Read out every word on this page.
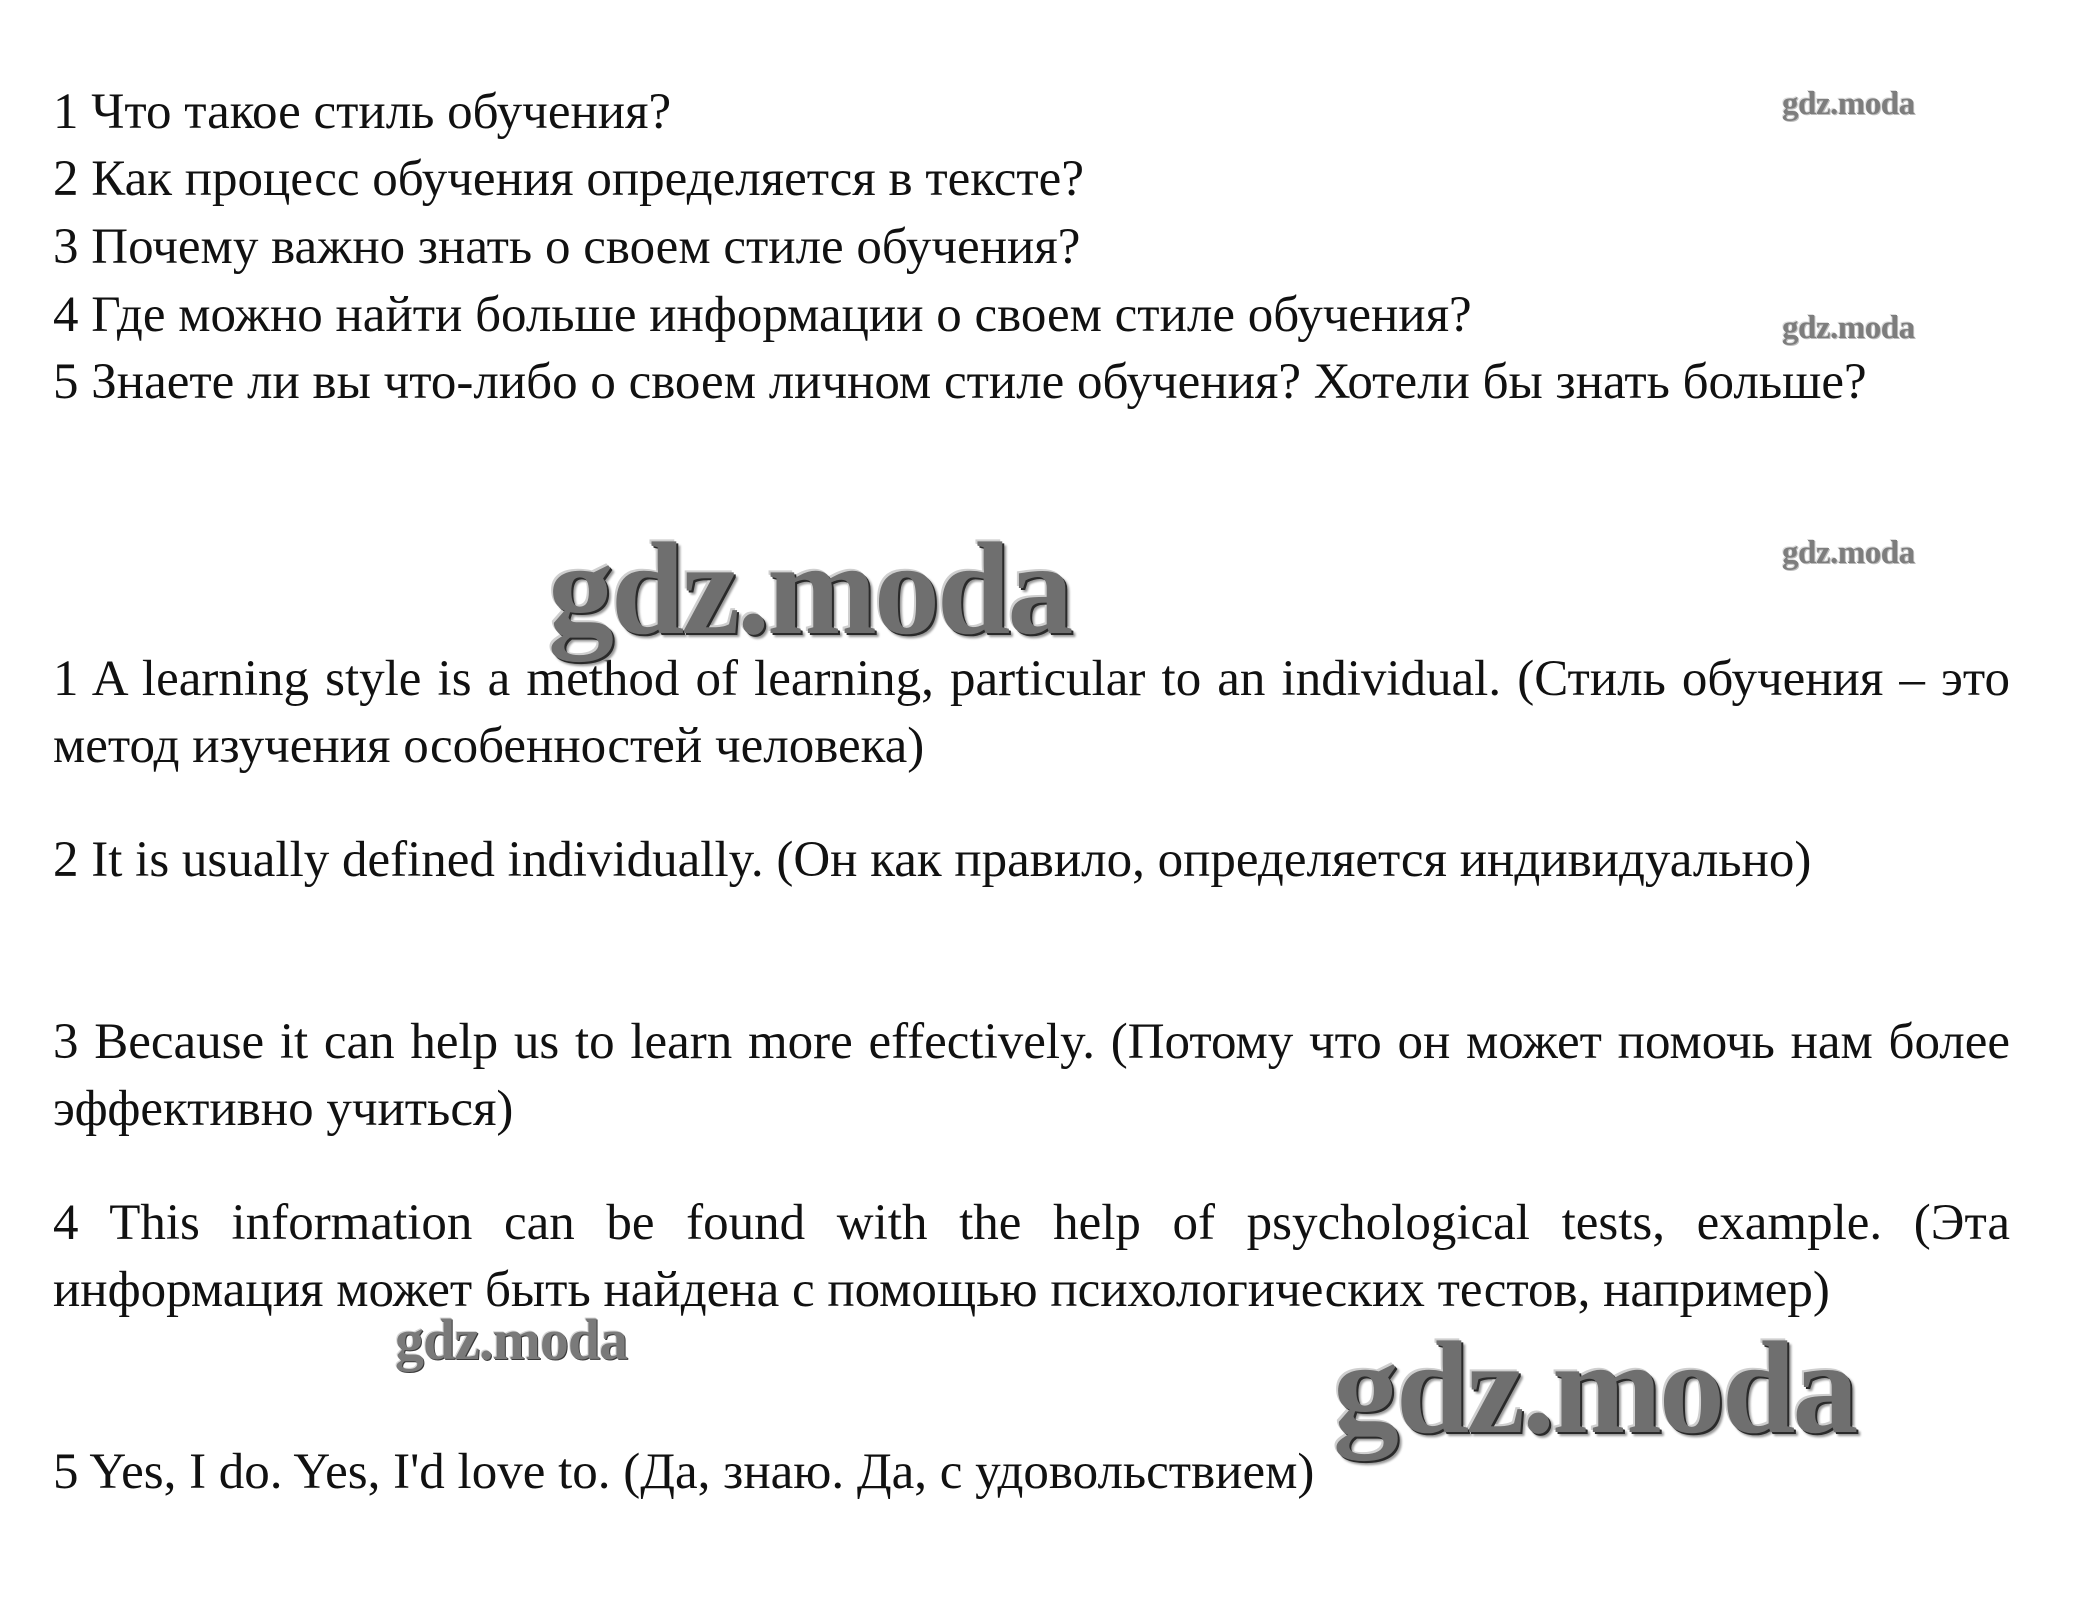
1 Что такое стиль обучения?
2 Как процесс обучения определяется в тексте?
3 Почему важно знать о своем стиле обучения?
4 Где можно найти больше информации о своем стиле обучения?
5 Знаете ли вы что-либо о своем личном стиле обучения? Хотели бы знать больше?
1 A learning style is a method of learning, particular to an individual. (Стиль обучения – это метод изучения особенностей человека)
2 It is usually defined individually. (Он как правило, определяется индивидуально)
3 Because it can help us to learn more effectively. (Потому что он может помочь нам более эффективно учиться)
4 This information can be found with the help of psychological tests, example. (Эта информация может быть найдена с помощью психологических тестов, например)
5 Yes, I do. Yes, I'd love to. (Да, знаю. Да, с удовольствием)
gdz.moda
gdz.moda
gdz.moda
gdz.moda
gdz.moda	gdz.moda
